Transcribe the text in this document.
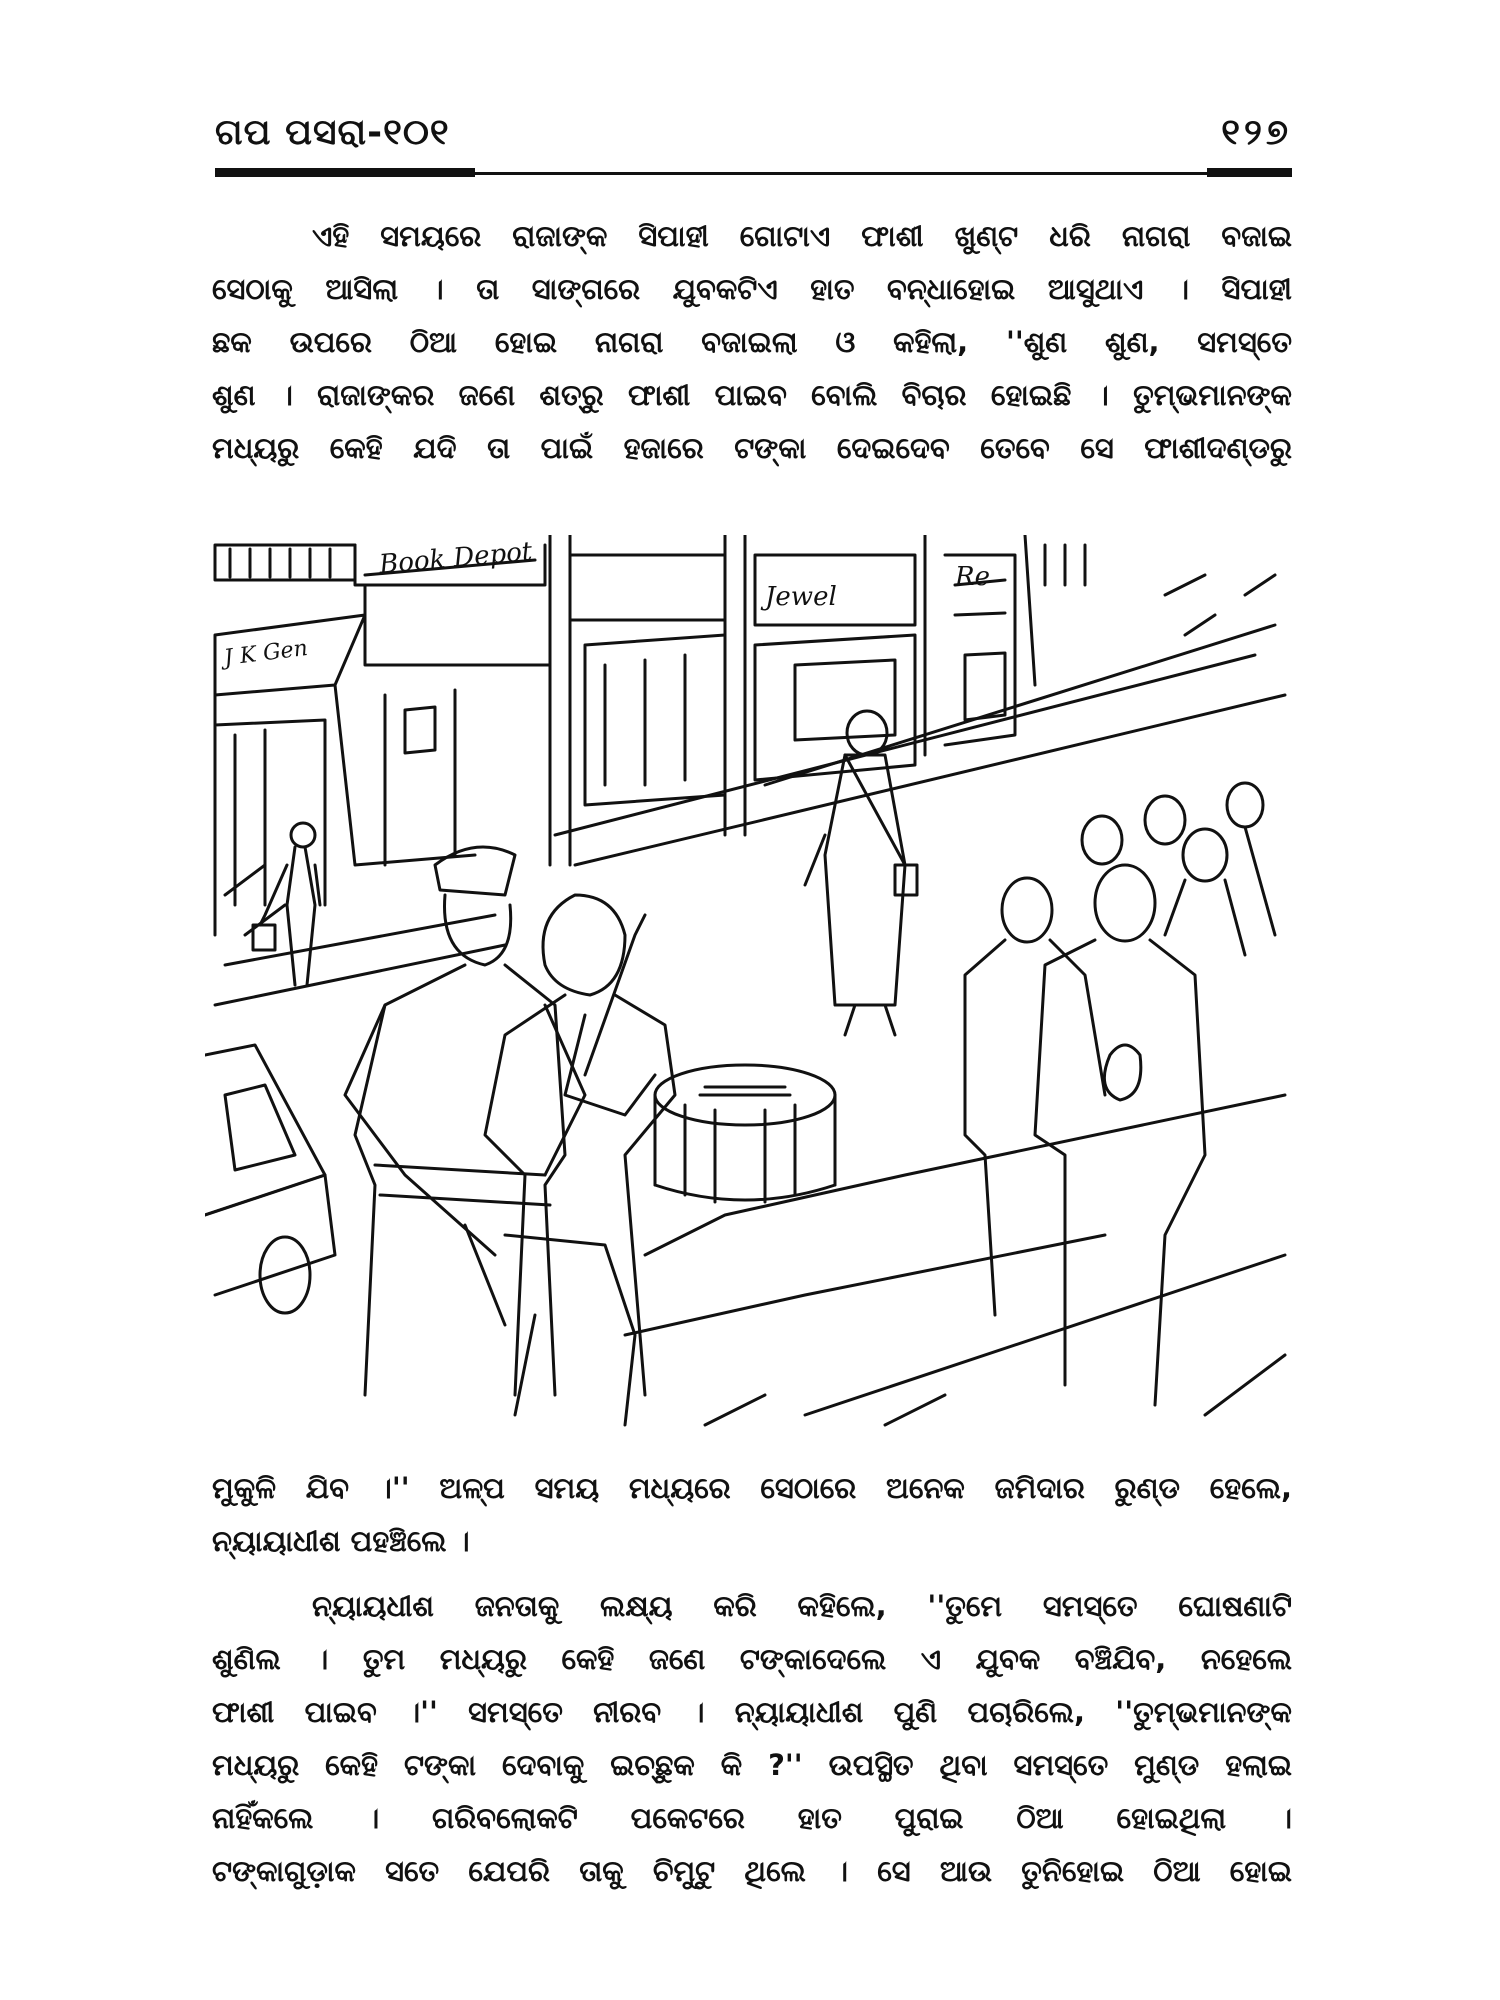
ଗପ ପସରା-୧୦୧	୧୨୭
ଏହି ସମୟରେ ରାଜାଙ୍କ ସିପାହୀ ଗୋଟାଏ ଫାଶୀ ଖୁଣ୍ଟ ଧରି ନାଗରା ବଜାଇ
ସେଠାକୁ ଆସିଲା । ତା ସାଙ୍ଗରେ ଯୁବକଟିଏ ହାତ ବନ୍ଧାହୋଇ ଆସୁଥାଏ । ସିପାହୀ
ଛକ ଉପରେ ଠିଆ ହୋଇ ନାଗରା ବଜାଇଲା ଓ କହିଲା, ''ଶୁଣ ଶୁଣ, ସମସ୍ତେ
ଶୁଣ । ରାଜାଙ୍କର ଜଣେ ଶତ୍ରୁ ଫାଶୀ ପାଇବ ବୋଲି ବିଚାର ହୋଇଛି । ତୁମ୍ଭମାନଙ୍କ
ମଧ୍ୟରୁ କେହି ଯଦି ତା ପାଇଁ ହଜାରେ ଟଙ୍କା ଦେଇଦେବ ତେବେ ସେ ଫାଶୀଦଣ୍ଡରୁ
Book Depot
J K Gen
Jewel
Re
ମୁକୁଳି ଯିବ ।'' ଅଳ୍ପ ସମୟ ମଧ୍ୟରେ ସେଠାରେ ଅନେକ ଜମିଦାର ରୁଣ୍ଡ ହେଲେ,
ନ୍ୟାୟାଧୀଶ ପହଞ୍ଚିଲେ ।
ନ୍ୟାୟଧୀଶ ଜନତାକୁ ଲକ୍ଷ୍ୟ କରି କହିଲେ, ''ତୁମେ ସମସ୍ତେ ଘୋଷଣାଟି
ଶୁଣିଲ । ତୁମ ମଧ୍ୟରୁ କେହି ଜଣେ ଟଙ୍କାଦେଲେ ଏ ଯୁବକ ବଞ୍ଚିଯିବ, ନହେଲେ
ଫାଶୀ ପାଇବ ।'' ସମସ୍ତେ ନୀରବ । ନ୍ୟାୟାଧୀଶ ପୁଣି ପଚାରିଲେ, ''ତୁମ୍ଭମାନଙ୍କ
ମଧ୍ୟରୁ କେହି ଟଙ୍କା ଦେବାକୁ ଇଚ୍ଛୁକ କି ?'' ଉପସ୍ଥିତ ଥିବା ସମସ୍ତେ ମୁଣ୍ଡ ହଲାଇ
ନାହିଁକଲେ । ଗରିବଲୋକଟି ପକେଟରେ ହାତ ପୁରାଇ ଠିଆ ହୋଇଥିଲା ।
ଟଙ୍କାଗୁଡ଼ାକ ସତେ ଯେପରି ତାକୁ ଚିମୁଟୁ ଥିଲେ । ସେ ଆଉ ତୁନିହୋଇ ଠିଆ ହୋଇ
